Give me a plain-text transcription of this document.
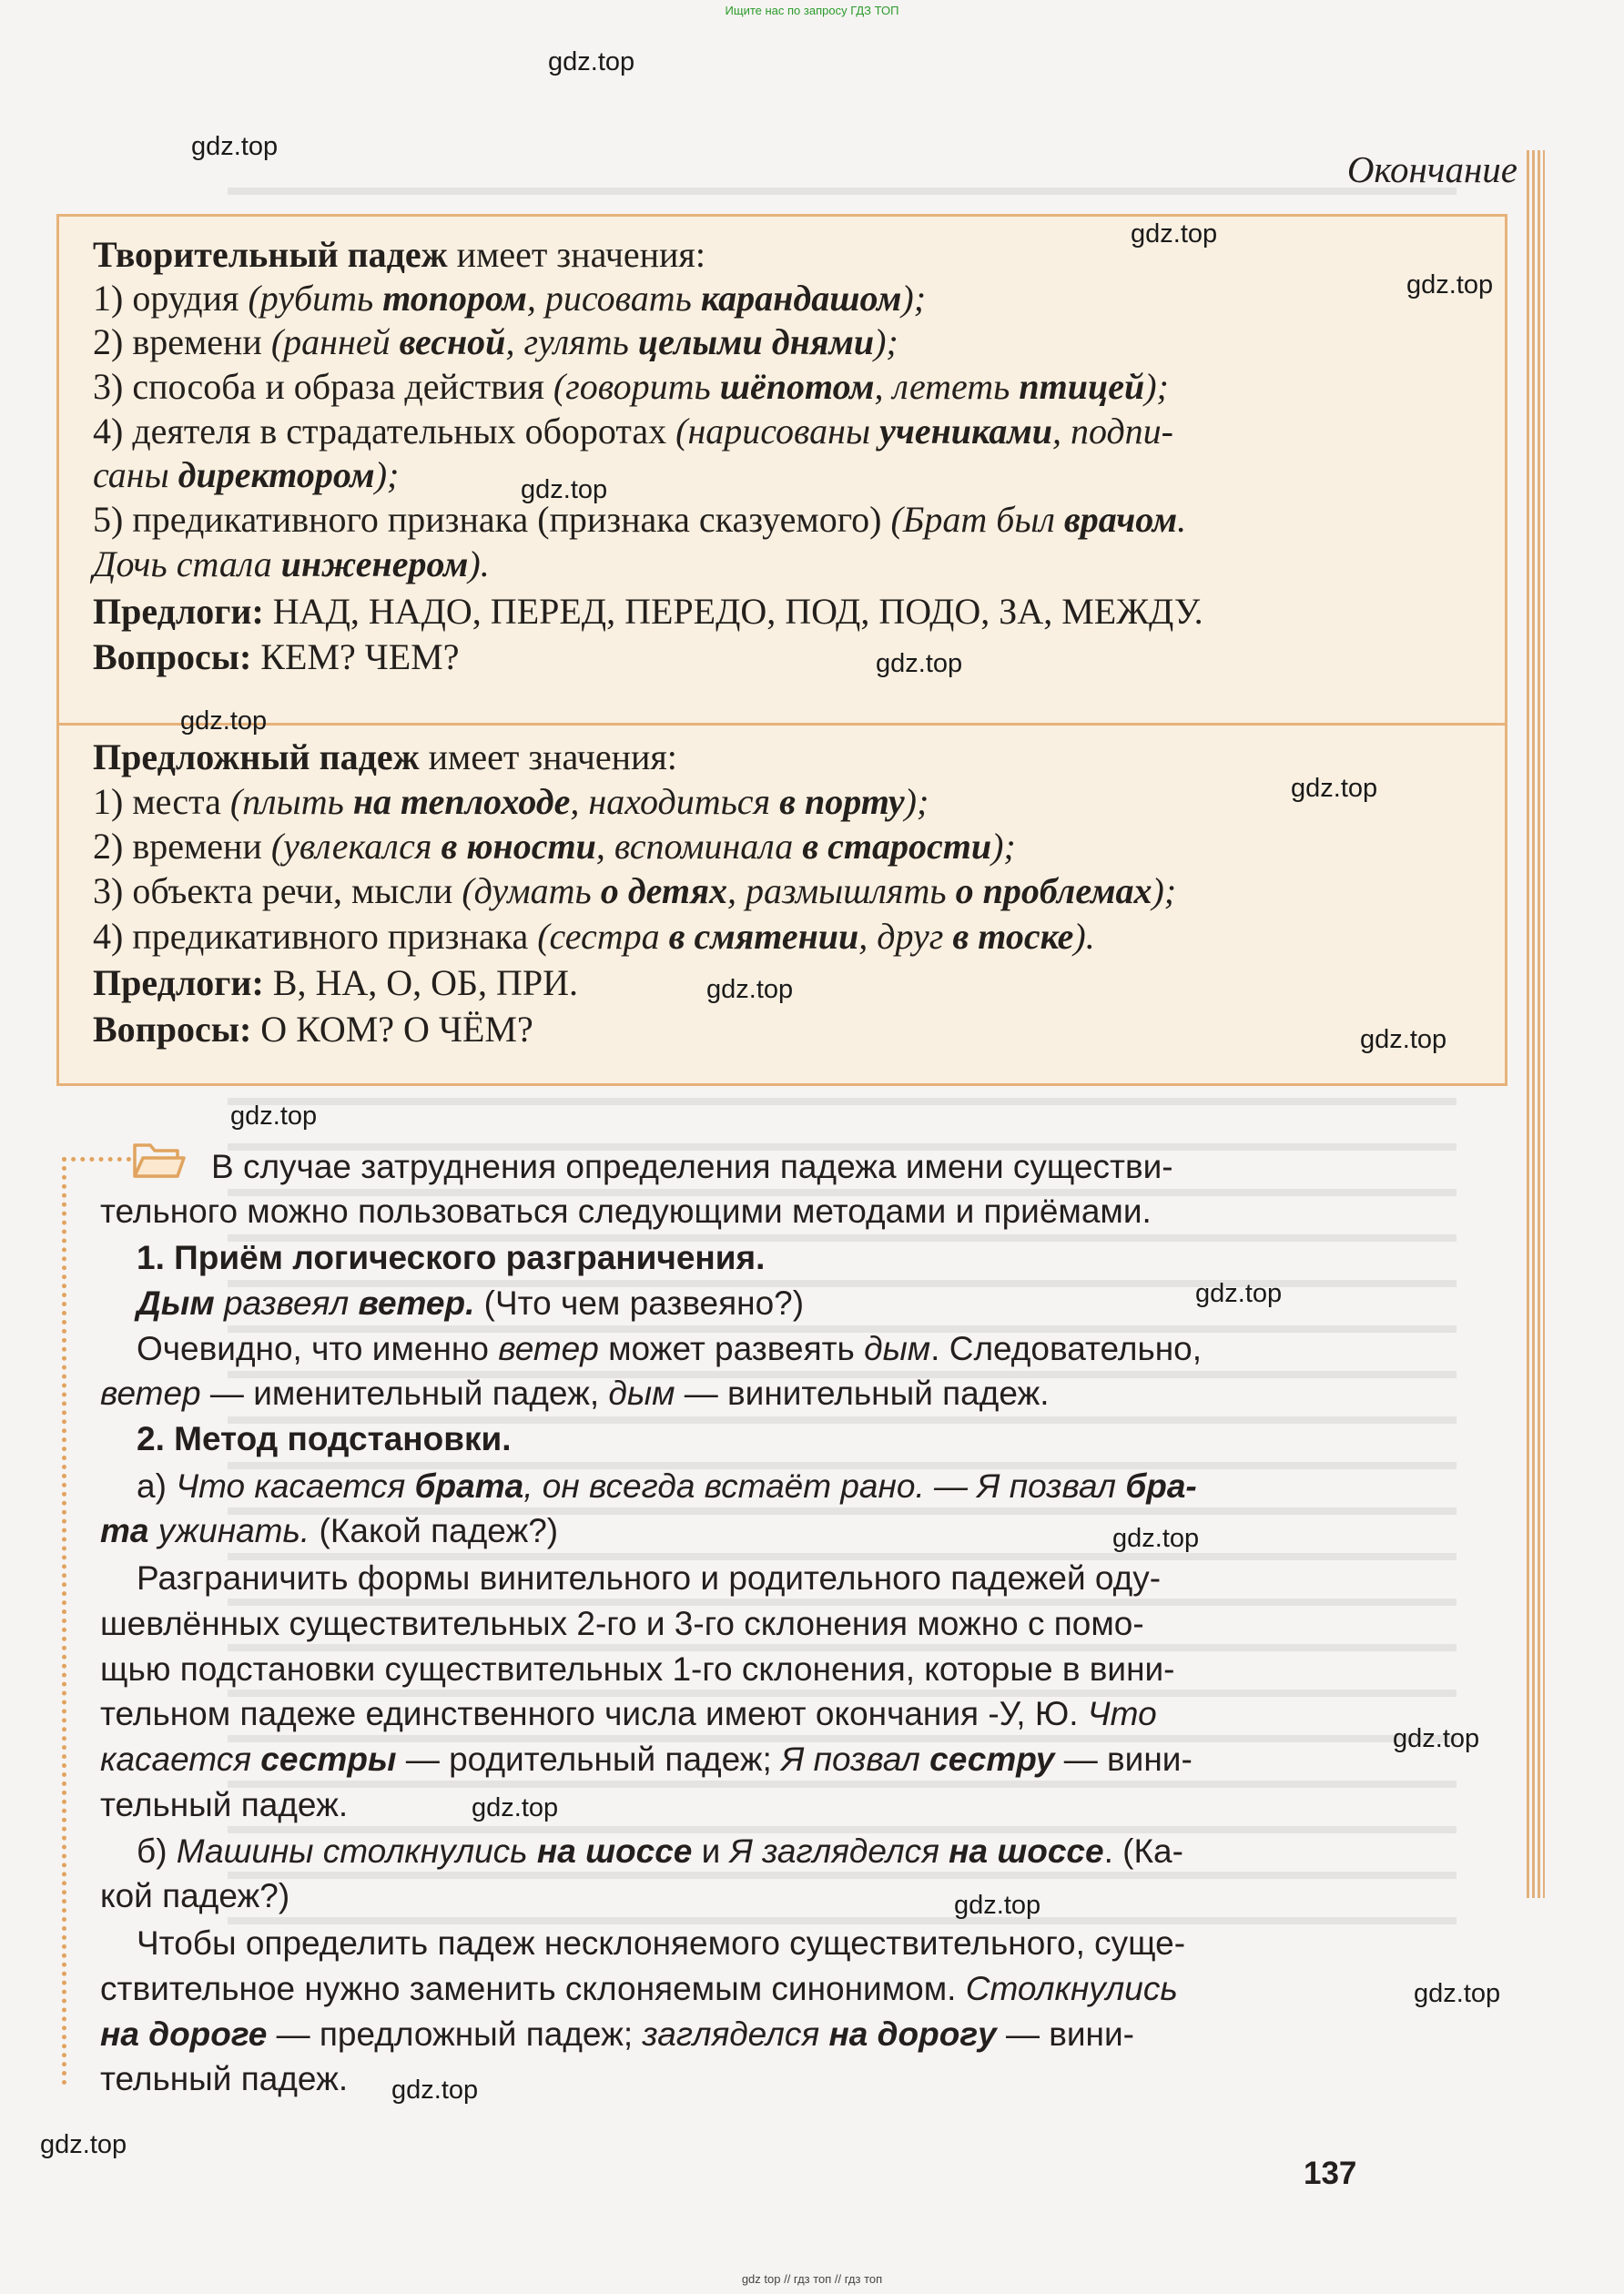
Ищите нас по запросу ГДЗ ТОП
Окончание
Творительный падеж имеет значения:
1) орудия (рубить топором, рисовать карандашом);
2) времени (ранней весной, гулять целыми днями);
3) способа и образа действия (говорить шёпотом, лететь птицей);
4) деятеля в страдательных оборотах (нарисованы учениками, подпи-
саны директором);
5) предикативного признака (признака сказуемого) (Брат был врачом.
Дочь стала инженером).
Предлоги: НАД, НАДО, ПЕРЕД, ПЕРЕДО, ПОД, ПОДО, ЗА, МЕЖДУ.
Вопросы: КЕМ? ЧЕМ?
Предложный падеж имеет значения:
1) места (плыть на теплоходе, находиться в порту);
2) времени (увлекался в юности, вспоминала в старости);
3) объекта речи, мысли (думать о детях, размышлять о проблемах);
4) предикативного признака (сестра в смятении, друг в тоске).
Предлоги: В, НА, О, ОБ, ПРИ.
Вопросы: О КОМ? О ЧЁМ?
В случае затруднения определения падежа имени существи-
тельного можно пользоваться следующими методами и приёмами.
1. Приём логического разграничения.
Дым развеял ветер. (Что чем развеяно?)
Очевидно, что именно ветер может развеять дым. Следовательно,
ветер — именительный падеж, дым — винительный падеж.
2. Метод подстановки.
а) Что касается брата, он всегда встаёт рано. — Я позвал бра-
та ужинать. (Какой падеж?)
Разграничить формы винительного и родительного падежей оду-
шевлённых существительных 2-го и 3-го склонения можно с помо-
щью подстановки существительных 1-го склонения, которые в вини-
тельном падеже единственного числа имеют окончания -У, Ю. Что
касается сестры — родительный падеж; Я позвал сестру — вини-
тельный падеж.
б) Машины столкнулись на шоссе и Я загляделся на шоссе. (Ка-
кой падеж?)
Чтобы определить падеж несклоняемого существительного, суще-
ствительное нужно заменить склоняемым синонимом. Столкнулись
на дороге — предложный падеж; загляделся на дорогу — вини-
тельный падеж.
137
gdz top // гдз топ // гдз топ
gdz.top
gdz.top
gdz.top
gdz.top
gdz.top
gdz.top
gdz.top
gdz.top
gdz.top
gdz.top
gdz.top
gdz.top
gdz.top
gdz.top
gdz.top
gdz.top
gdz.top
gdz.top
gdz.top
